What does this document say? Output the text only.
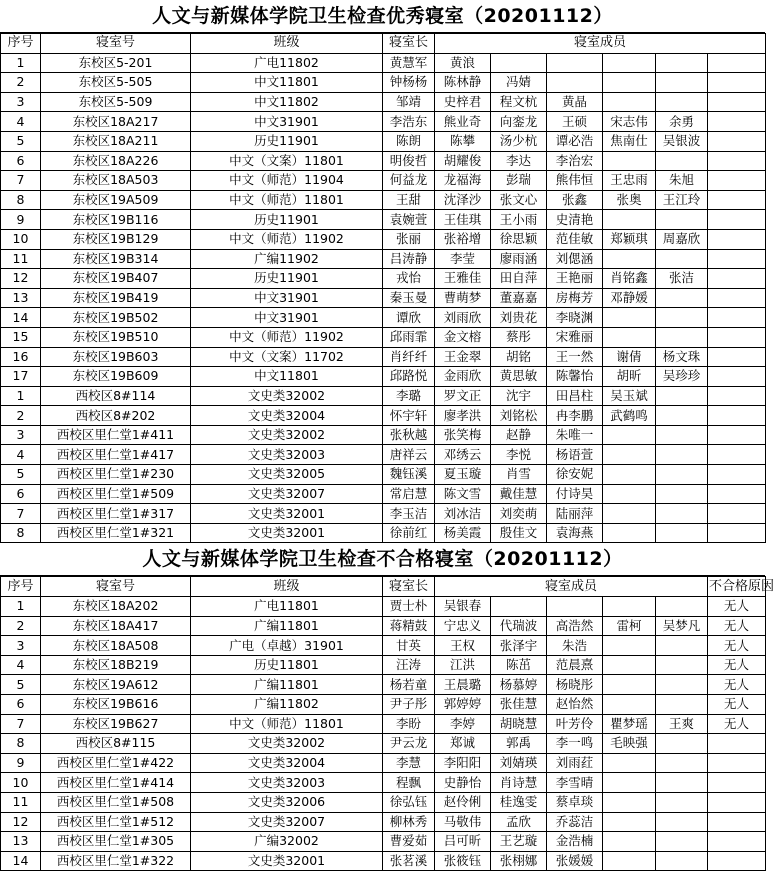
人文与新媒体学院卫生检查优秀寝室（20201112）
序号	寝室号	班级	寝室长	寝室成员					
1	东校区5-201	广电11802	黄慧军	黄浪					
2	东校区5-505	中文11801	钟杨杨	陈林静	冯婧				
3	东校区5-509	中文11802	邹靖	史梓君	程文杭	黄晶			
4	东校区18A217	中文31901	李浩东	熊业奇	向銮龙	王硕	宋志伟	余勇	
5	东校区18A211	历史11901	陈朗	陈攀	汤少杭	谭必浩	焦南仕	吴银波	
6	东校区18A226	中文（文案）11801	明俊哲	胡耀俊	李达	李治宏			
7	东校区18A503	中文（师范）11904	何益龙	龙福海	彭瑞	熊伟恒	王忠雨	朱旭	
8	东校区19A509	中文（师范）11801	王甜	沈泽沙	张文心	张鑫	张奥	王江玲	
9	东校区19B116	历史11901	袁婉萱	王佳琪	王小雨	史清艳			
10	东校区19B129	中文（师范）11902	张丽	张裕增	徐思颖	范佳敏	郑颖琪	周嘉欣	
11	东校区19B314	广编11902	吕涛静	李莹	廖雨涵	刘偲涵			
12	东校区19B407	历史11901	戎怡	王雅佳	田自萍	王艳丽	肖铭鑫	张洁	
13	东校区19B419	中文31901	秦玉曼	曹萌梦	董嘉嘉	房梅芳	邓静媛		
14	东校区19B502	中文31901	谭欣	刘雨欣	刘贵花	李晓渊			
15	东校区19B510	中文（师范）11902	邱雨霏	金文榕	蔡彤	宋雅丽			
16	东校区19B603	中文（文案）11702	肖纤纤	王金翠	胡铭	王一然	谢倩	杨文珠	
17	东校区19B609	中文11801	邱路悦	金雨欣	黄思敏	陈馨怡	胡昕	吴珍珍	
1	西校区8#114	文史类32002	李璐	罗文正	沈宇	田昌柱	吴玉斌		
2	西校区8#202	文史类32004	怀宇轩	廖孝洪	刘铭松	冉李鹏	武鹤鸣		
3	西校区里仁堂1#411	文史类32002	张秋越	张笑梅	赵静	朱唯一			
4	西校区里仁堂1#417	文史类32003	唐祥云	邓绣云	李悦	杨语萱			
5	西校区里仁堂1#230	文史类32005	魏钰溪	夏玉璇	肖雪	徐安妮			
6	西校区里仁堂1#509	文史类32007	常启慧	陈文雪	戴佳慧	付诗昊			
7	西校区里仁堂1#317	文史类32001	李玉洁	刘冰洁	刘奕萌	陆丽萍			
8	西校区里仁堂1#321	文史类32001	徐前红	杨美霞	殷佳文	袁海燕			
人文与新媒体学院卫生检查不合格寝室（20201112）
序号	寝室号	班级	寝室长	寝室成员					不合格原因
1	东校区18A202	广电11801	贾士朴	吴银春					无人
2	东校区18A417	广编11801	蒋精鼓	宁忠义	代瑞波	高浩然	雷柯	吴梦凡	无人
3	东校区18A508	广电（卓越）31901	甘英	王权	张泽宇	朱浩			无人
4	东校区18B219	历史11801	汪涛	江洪	陈茁	范晨熹			无人
5	东校区19A612	广编11801	杨若童	王晨璐	杨慕婷	杨晓彤			无人
6	东校区19B616	广编11802	尹子彤	郭婷婷	张佳慧	赵怡然			无人
7	东校区19B627	中文（师范）11801	李盼	李婷	胡晓慧	叶芳伶	瞿梦瑶	王爽	无人
8	西校区8#115	文史类32002	尹云龙	郑诚	郭禹	李一鸣	毛映强		
9	西校区里仁堂1#422	文史类32004	李慧	李阳阳	刘婧瑛	刘雨荭			
10	西校区里仁堂1#414	文史类32003	程飘	史静怡	肖诗慧	李雪晴			
11	西校区里仁堂1#508	文史类32006	徐弘钰	赵伶俐	桂逸雯	蔡卓琰			
12	西校区里仁堂1#512	文史类32007	柳林秀	马敬伟	孟欣	乔蕊洁			
13	西校区里仁堂1#305	广编32002	曹爱茹	吕可昕	王艺璇	金浩楠			
14	西校区里仁堂1#322	文史类32001	张茗溪	张筱钰	张栩娜	张媛媛			
